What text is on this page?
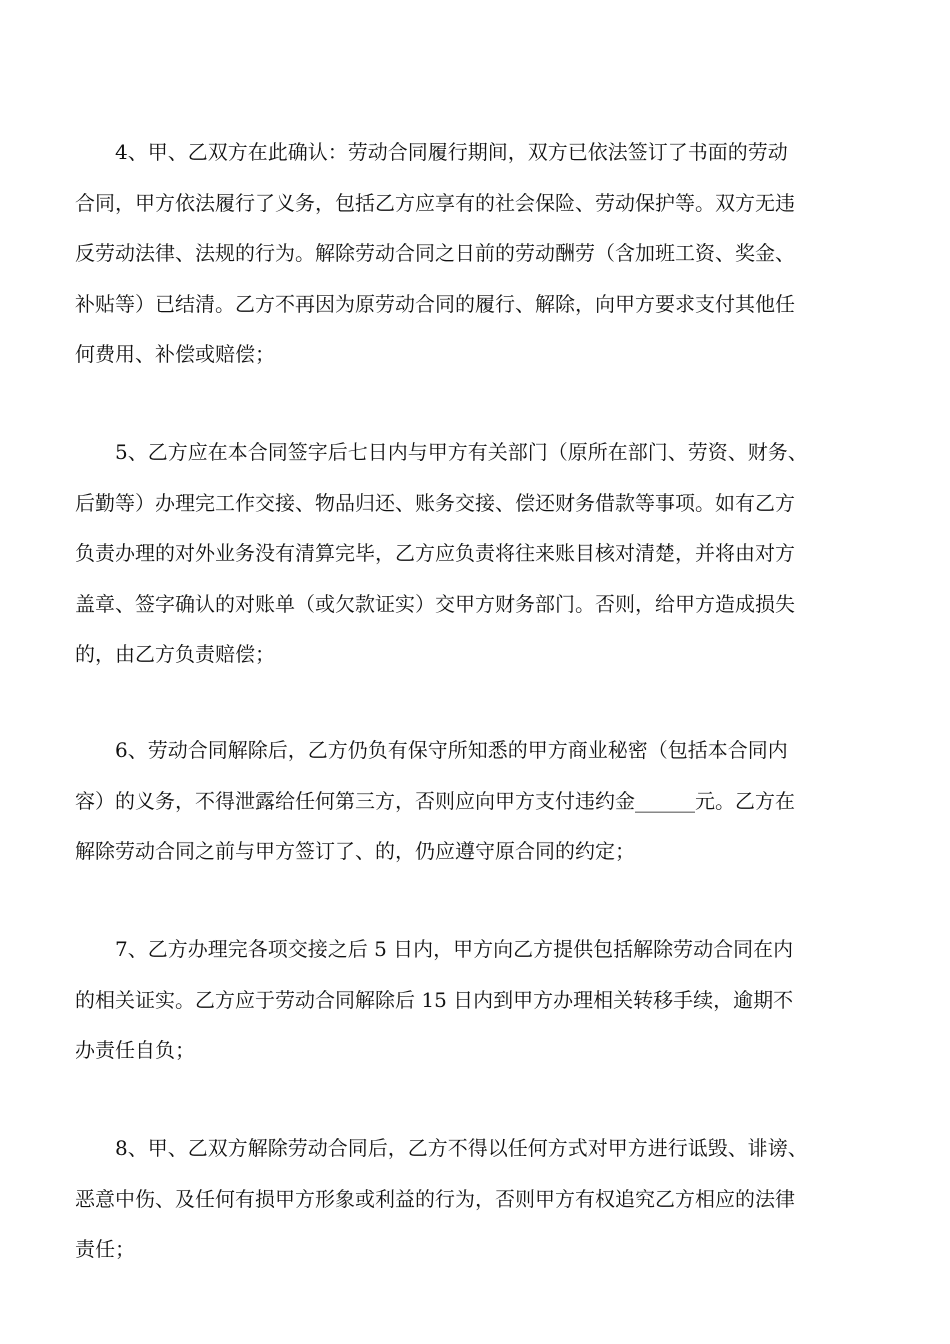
　　4、甲、乙双方在此确认：劳动合同履行期间，双方已依法签订了书面的劳动
合同，甲方依法履行了义务，包括乙方应享有的社会保险、劳动保护等。双方无违
反劳动法律、法规的行为。解除劳动合同之日前的劳动酬劳（含加班工资、奖金、
补贴等）已结清。乙方不再因为原劳动合同的履行、解除，向甲方要求支付其他任
何费用、补偿或赔偿；
　　5、乙方应在本合同签字后七日内与甲方有关部门（原所在部门、劳资、财务、
后勤等）办理完工作交接、物品归还、账务交接、偿还财务借款等事项。如有乙方
负责办理的对外业务没有清算完毕，乙方应负责将往来账目核对清楚，并将由对方
盖章、签字确认的对账单（或欠款证实）交甲方财务部门。否则，给甲方造成损失
的，由乙方负责赔偿；
　　6、劳动合同解除后，乙方仍负有保守所知悉的甲方商业秘密（包括本合同内
容）的义务，不得泄露给任何第三方，否则应向甲方支付违约金______元。乙方在
解除劳动合同之前与甲方签订了、的，仍应遵守原合同的约定；
　　7、乙方办理完各项交接之后 5 日内，甲方向乙方提供包括解除劳动合同在内
的相关证实。乙方应于劳动合同解除后 15 日内到甲方办理相关转移手续，逾期不
办责任自负；
　　8、甲、乙双方解除劳动合同后，乙方不得以任何方式对甲方进行诋毁、诽谤、
恶意中伤、及任何有损甲方形象或利益的行为，否则甲方有权追究乙方相应的法律
责任；
